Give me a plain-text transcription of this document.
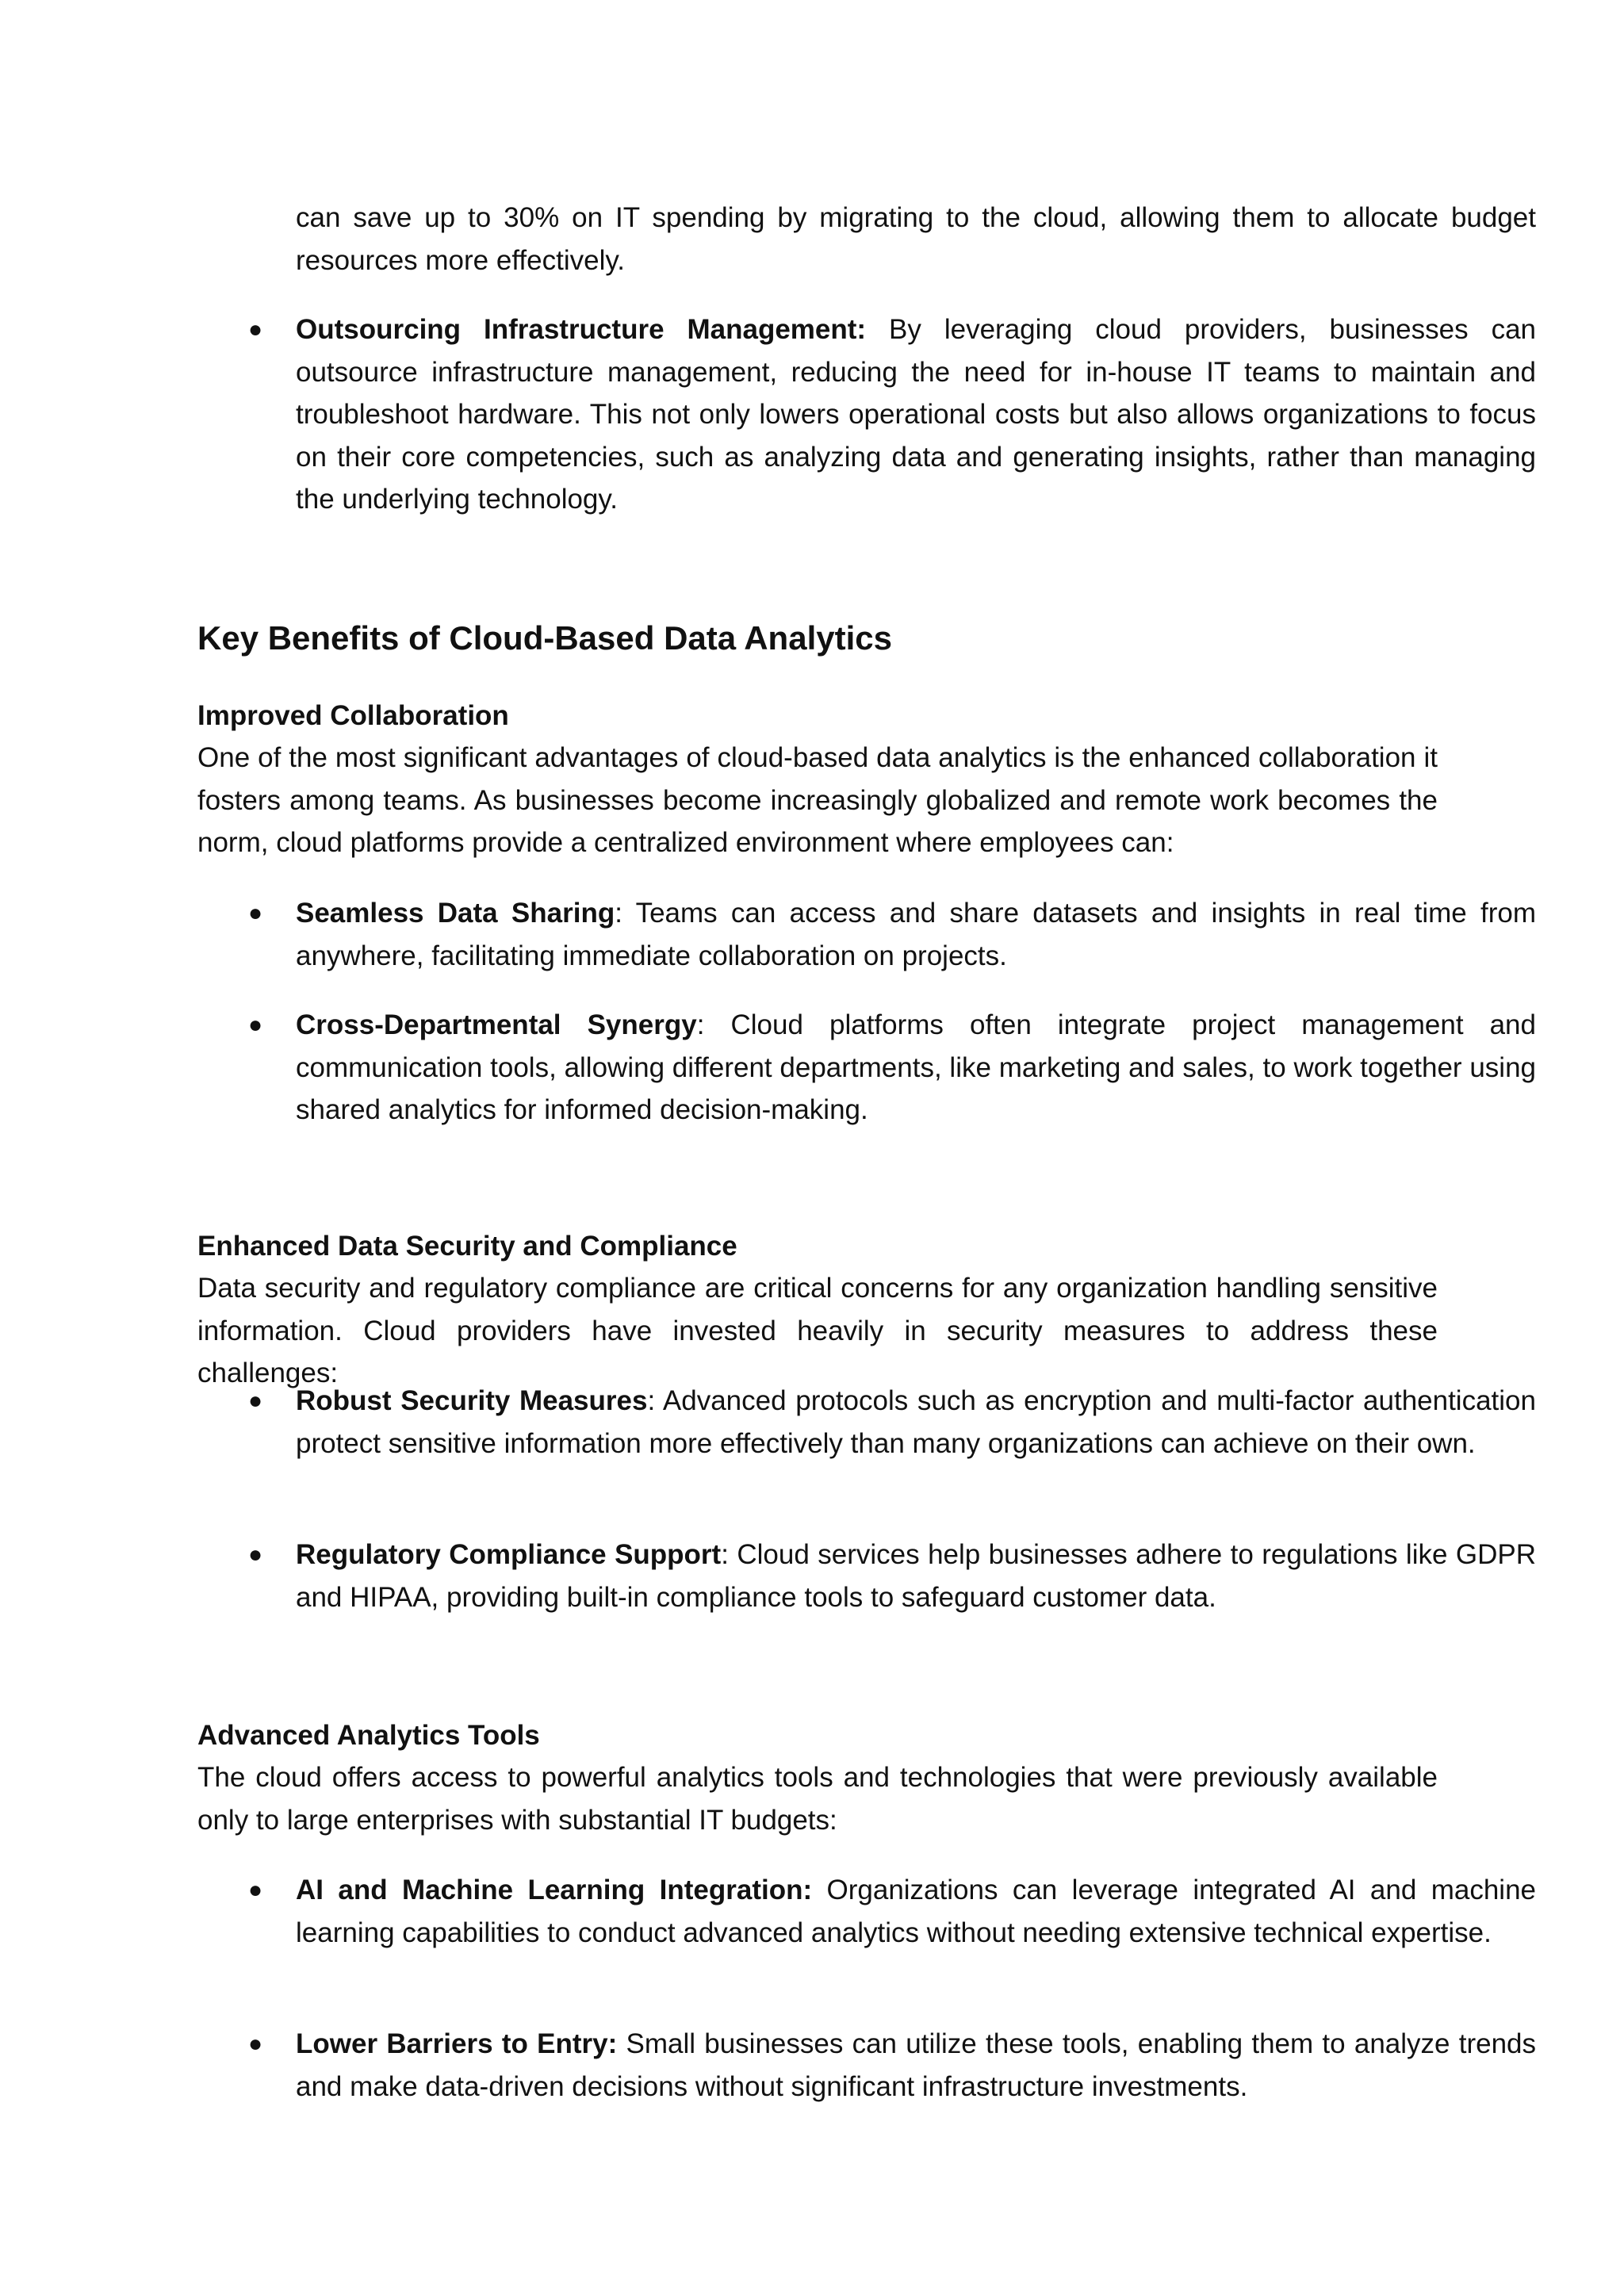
can save up to 30% on IT spending by migrating to the cloud, allowing them to allocate budget resources more effectively.

●	Outsourcing Infrastructure Management: By leveraging cloud providers, businesses can outsource infrastructure management, reducing the need for in-house IT teams to maintain and troubleshoot hardware. This not only lowers operational costs but also allows organizations to focus on their core competencies, such as analyzing data and generating insights, rather than managing the underlying technology.

Key Benefits of Cloud-Based Data Analytics
Improved Collaboration

One of the most significant advantages of cloud-based data analytics is the enhanced collaboration it fosters among teams. As businesses become increasingly globalized and remote work becomes the norm, cloud platforms provide a centralized environment where employees can:

●	Seamless Data Sharing: Teams can access and share datasets and insights in real time from anywhere, facilitating immediate collaboration on projects.

●	Cross-Departmental Synergy: Cloud platforms often integrate project management and communication tools, allowing different departments, like marketing and sales, to work together using shared analytics for informed decision-making.

Enhanced Data Security and Compliance

Data security and regulatory compliance are critical concerns for any organization handling sensitive information. Cloud providers have invested heavily in security measures to address these challenges:

●	Robust Security Measures: Advanced protocols such as encryption and multi-factor authentication protect sensitive information more effectively than many organizations can achieve on their own.

●	Regulatory Compliance Support: Cloud services help businesses adhere to regulations like GDPR and HIPAA, providing built-in compliance tools to safeguard customer data.

Advanced Analytics Tools

The cloud offers access to powerful analytics tools and technologies that were previously available only to large enterprises with substantial IT budgets:

●	AI and Machine Learning Integration: Organizations can leverage integrated AI and machine learning capabilities to conduct advanced analytics without needing extensive technical expertise.

●	Lower Barriers to Entry: Small businesses can utilize these tools, enabling them to analyze trends and make data-driven decisions without significant infrastructure investments.
